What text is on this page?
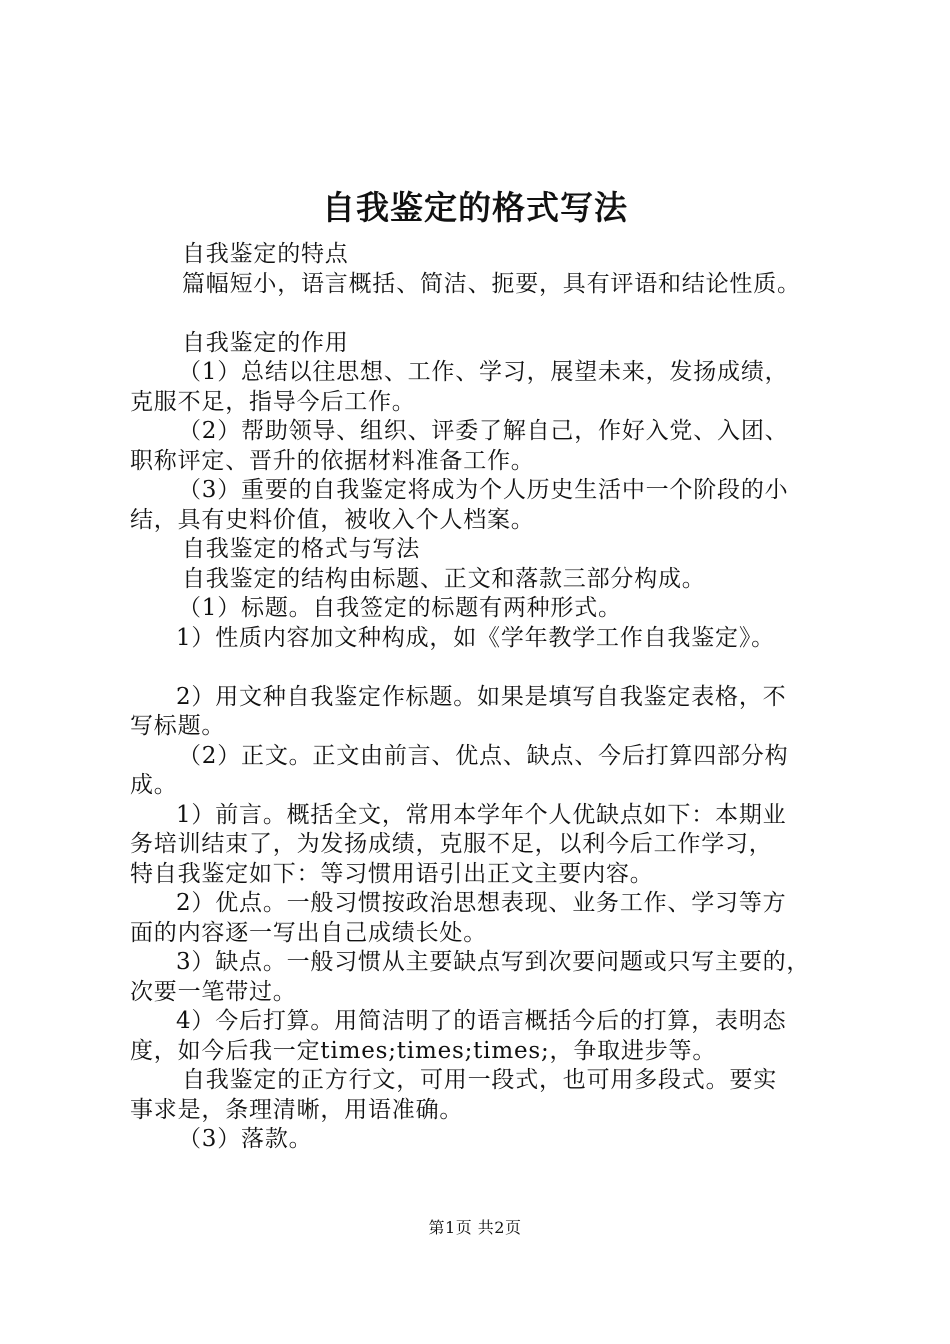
自我鉴定的格式写法

自我鉴定的特点

篇幅短小，语言概括、简洁、扼要，具有评语和结论性质。

自我鉴定的作用

（1）总结以往思想、工作、学习，展望未来，发扬成绩，

克服不足，指导今后工作。

（2）帮助领导、组织、评委了解自己，作好入党、入团、

职称评定、晋升的依据材料准备工作。

（3）重要的自我鉴定将成为个人历史生活中一个阶段的小

结，具有史料价值，被收入个人档案。

自我鉴定的格式与写法

自我鉴定的结构由标题、正文和落款三部分构成。

（1）标题。自我签定的标题有两种形式。

1）性质内容加文种构成，如《学年教学工作自我鉴定》。

2）用文种自我鉴定作标题。如果是填写自我鉴定表格，不

写标题。

（2）正文。正文由前言、优点、缺点、今后打算四部分构

成。

1）前言。概括全文，常用本学年个人优缺点如下：本期业

务培训结束了，为发扬成绩，克服不足，以利今后工作学习，

特自我鉴定如下：等习惯用语引出正文主要内容。

2）优点。一般习惯按政治思想表现、业务工作、学习等方

面的内容逐一写出自己成绩长处。

3）缺点。一般习惯从主要缺点写到次要问题或只写主要的，

次要一笔带过。

4）今后打算。用简洁明了的语言概括今后的打算，表明态

度，如今后我一定times;times;times;，争取进步等。

自我鉴定的正方行文，可用一段式，也可用多段式。要实

事求是，条理清晰，用语准确。

（3）落款。

第1页 共2页
